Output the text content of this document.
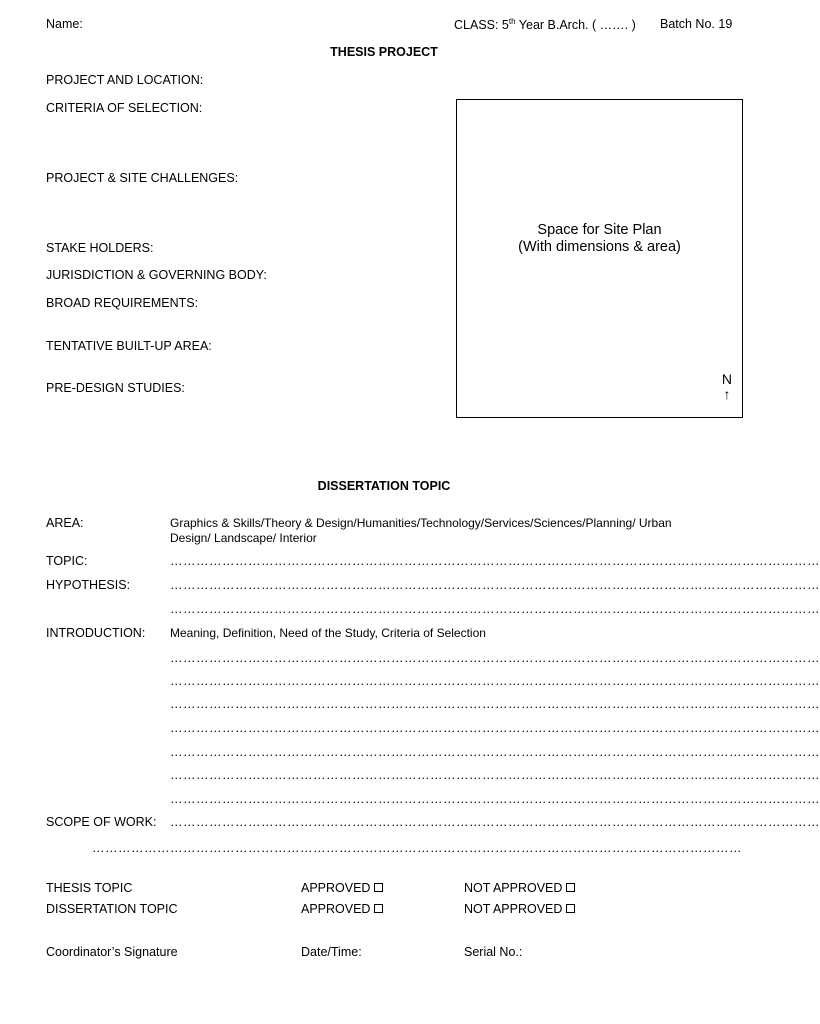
Name:	CLASS: 5th Year B.Arch. ( ……. ) Batch No. 19
THESIS PROJECT
PROJECT AND LOCATION:
CRITERIA OF SELECTION:
PROJECT & SITE CHALLENGES:
STAKE HOLDERS:
JURISDICTION & GOVERNING BODY:
BROAD REQUIREMENTS:
TENTATIVE BUILT-UP AREA:
PRE-DESIGN STUDIES:
Space for Site Plan
(With dimensions & area)
N
↑
DISSERTATION TOPIC
AREA:	Graphics & Skills/Theory & Design/Humanities/Technology/Services/Sciences/Planning/ Urban
Design/ Landscape/ Interior
TOPIC:	……………………………………………………………………………………………………………………………………
HYPOTHESIS:	……………………………………………………………………………………………………………………………………
……………………………………………………………………………………………………………………………………
INTRODUCTION: Meaning, Definition, Need of the Study, Criteria of Selection
……………………………………………………………………………………………………………………………………
……………………………………………………………………………………………………………………………………
……………………………………………………………………………………………………………………………………
……………………………………………………………………………………………………………………………………
……………………………………………………………………………………………………………………………………
……………………………………………………………………………………………………………………………………
……………………………………………………………………………………………………………………………………
SCOPE OF WORK: ……………………………………………………………………………………………………………………………………
……………………………………………………………………………………………………………………………………
THESIS TOPIC	APPROVED	NOT APPROVED
DISSERTATION TOPIC	APPROVED	NOT APPROVED
Coordinator’s Signature	Date/Time:	Serial No.:
